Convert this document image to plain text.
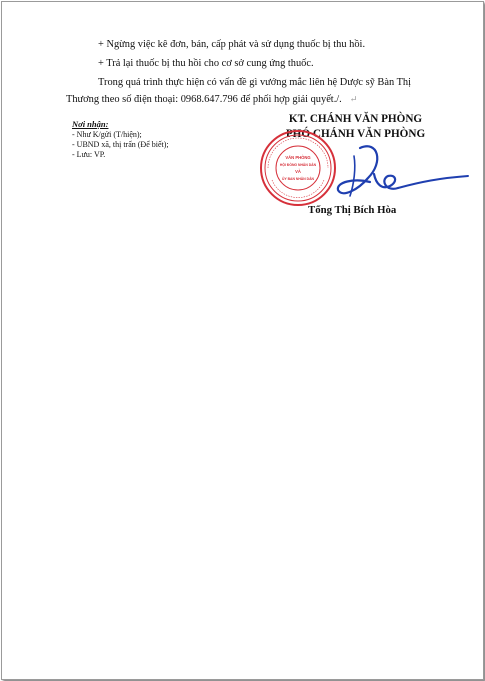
+ Ngừng việc kê đơn, bán, cấp phát và sử dụng thuốc bị thu hồi.
+ Trả lại thuốc bị thu hồi cho cơ sở cung ứng thuốc.
Trong quá trình thực hiện có vấn đề gì vướng mắc liên hệ Dược sỹ Bàn Thị
Thương theo số điện thoại: 0968.647.796 để phối hợp giải quyết./. ↵
Nơi nhận:
- Như K/gửi (T/hiện);
- UBND xã, thị trấn (Để biết);
- Lưu: VP.
KT. CHÁNH VĂN PHÒNG
PHÓ CHÁNH VĂN PHÒNG
VĂN PHÒNG
HỘI ĐỒNG NHÂN DÂN
VÀ
ỦY BAN NHÂN DÂN
Tống Thị Bích Hòa
